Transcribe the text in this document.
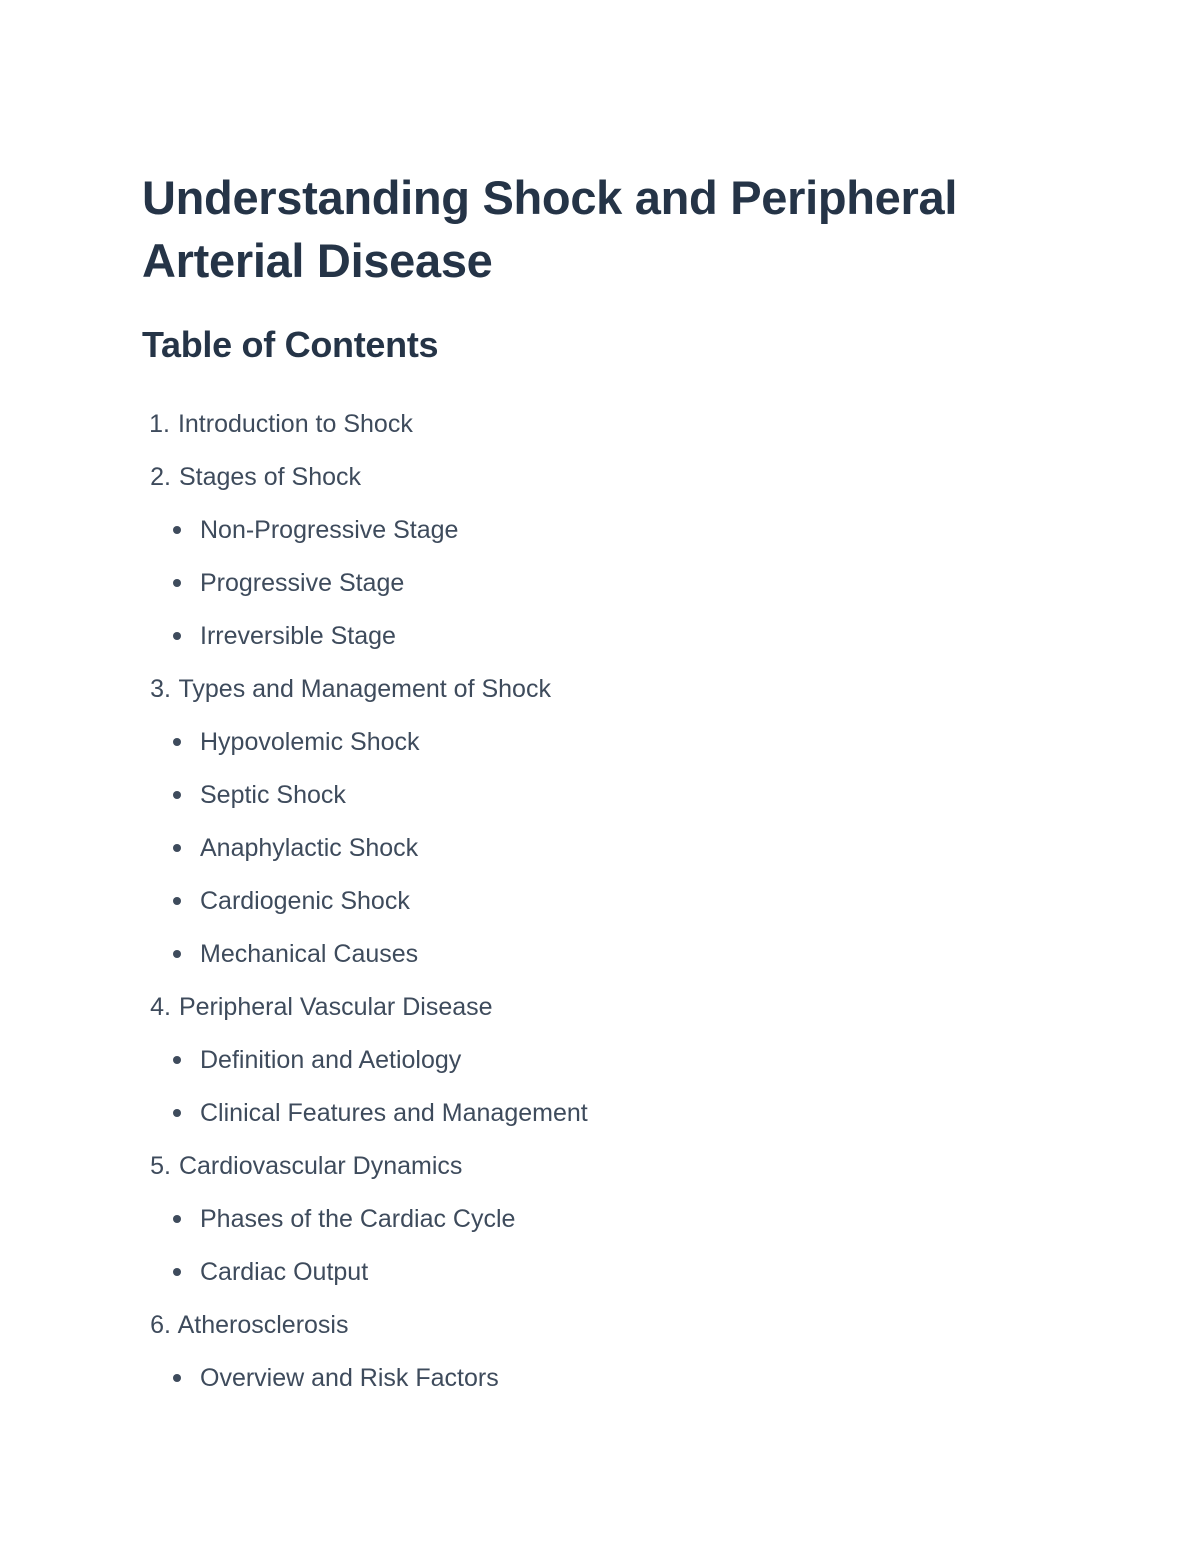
Understanding Shock and Peripheral Arterial Disease
Table of Contents
1. Introduction to Shock
2. Stages of Shock
Non-Progressive Stage
Progressive Stage
Irreversible Stage
3. Types and Management of Shock
Hypovolemic Shock
Septic Shock
Anaphylactic Shock
Cardiogenic Shock
Mechanical Causes
4. Peripheral Vascular Disease
Definition and Aetiology
Clinical Features and Management
5. Cardiovascular Dynamics
Phases of the Cardiac Cycle
Cardiac Output
6. Atherosclerosis
Overview and Risk Factors
